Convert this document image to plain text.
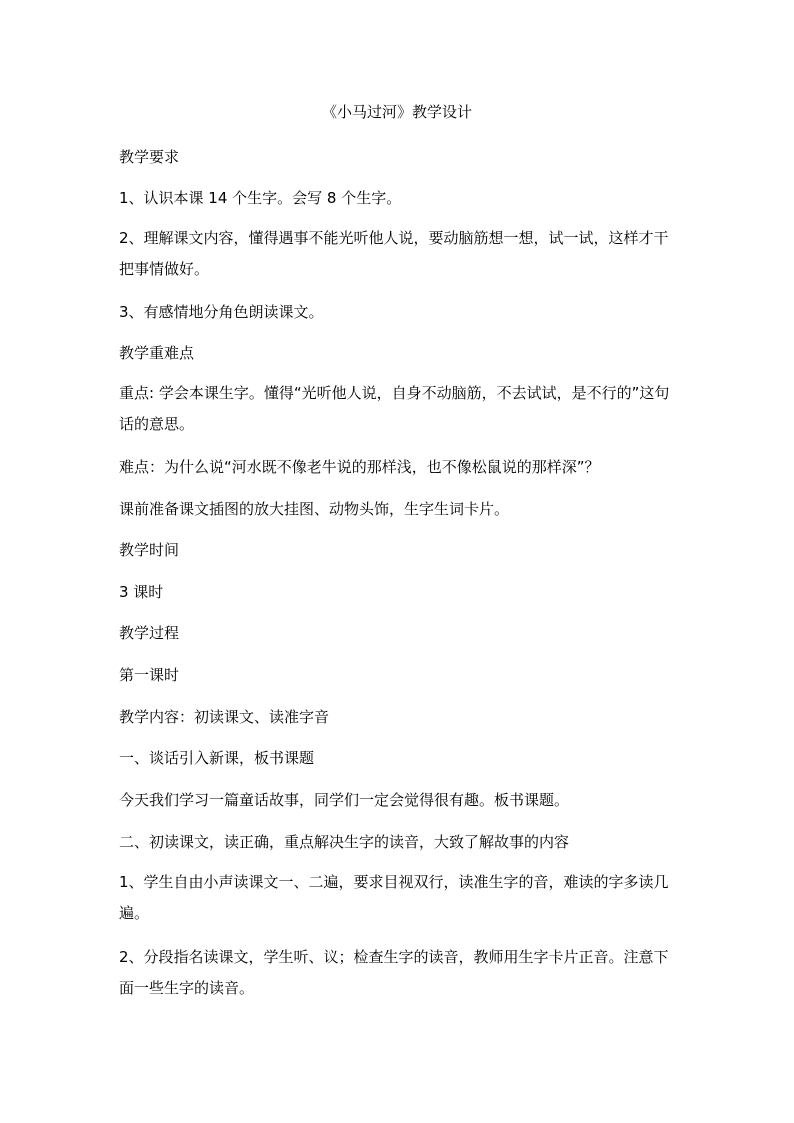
《小马过河》教学设计
教学要求
1、认识本课 14 个生字。会写 8 个生字。
2、理解课文内容，懂得遇事不能光听他人说，要动脑筋想一想，试一试，这样才干把事情做好。
3、有感情地分角色朗读课文。
教学重难点
重点: 学会本课生字。懂得“光听他人说，自身不动脑筋，不去试试，是不行的”这句话的意思。
难点：为什么说“河水既不像老牛说的那样浅，也不像松鼠说的那样深”？
课前准备课文插图的放大挂图、动物头饰，生字生词卡片。
教学时间
3 课时
教学过程
第一课时
教学内容：初读课文、读准字音
一、谈话引入新课，板书课题
今天我们学习一篇童话故事，同学们一定会觉得很有趣。板书课题。
二、初读课文，读正确，重点解决生字的读音，大致了解故事的内容
1、学生自由小声读课文一、二遍，要求目视双行，读准生字的音，难读的字多读几遍。
2、分段指名读课文，学生听、议；检查生字的读音，教师用生字卡片正音。注意下面一些生字的读音。
